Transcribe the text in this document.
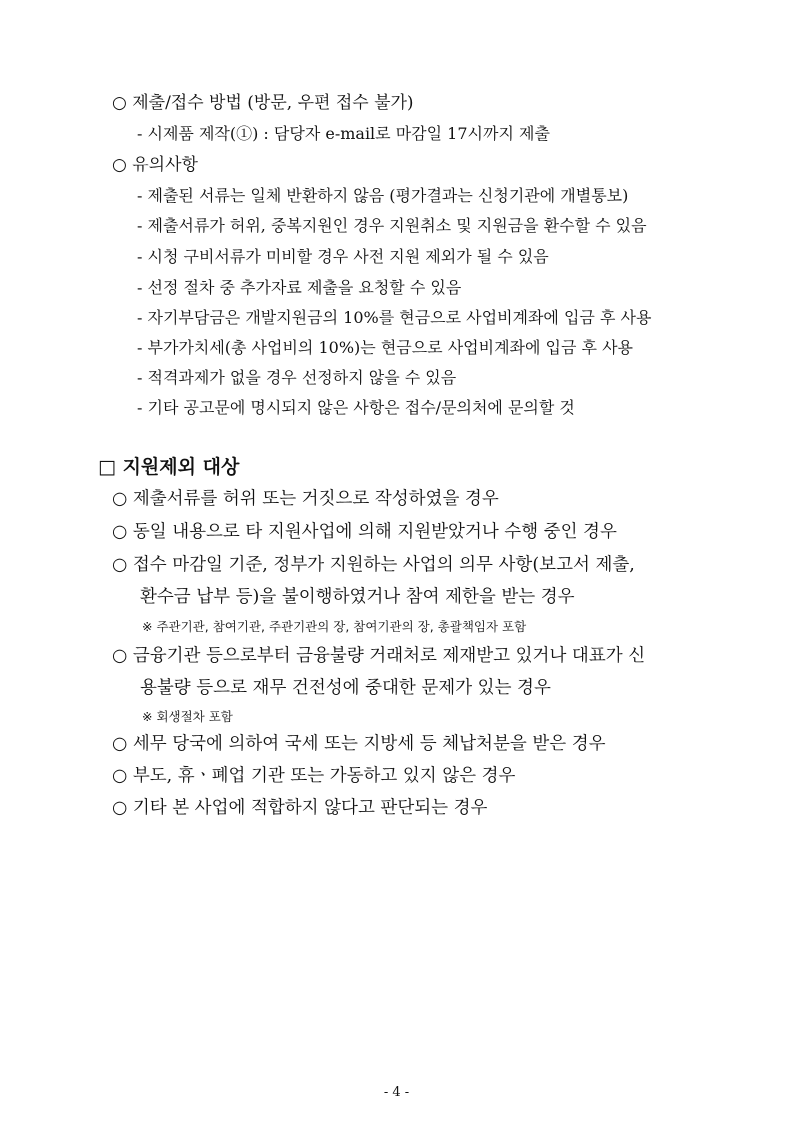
○ 제출/접수 방법 (방문, 우편 접수 불가)
- 시제품 제작(①) : 담당자 e-mail로 마감일 17시까지 제출
○ 유의사항
- 제출된 서류는 일체 반환하지 않음 (평가결과는 신청기관에 개별통보)
- 제출서류가 허위, 중복지원인 경우 지원취소 및 지원금을 환수할 수 있음
- 시청 구비서류가 미비할 경우 사전 지원 제외가 될 수 있음
- 선정 절차 중 추가자료 제출을 요청할 수 있음
- 자기부담금은 개발지원금의 10%를 현금으로 사업비계좌에 입금 후 사용
- 부가가치세(총 사업비의 10%)는 현금으로 사업비계좌에 입금 후 사용
- 적격과제가 없을 경우 선정하지 않을 수 있음
- 기타 공고문에 명시되지 않은 사항은 접수/문의처에 문의할 것
□ 지원제외 대상
○ 제출서류를 허위 또는 거짓으로 작성하였을 경우
○ 동일 내용으로 타 지원사업에 의해 지원받았거나 수행 중인 경우
○ 접수 마감일 기준, 정부가 지원하는 사업의 의무 사항(보고서 제출,
환수금 납부 등)을 불이행하였거나 참여 제한을 받는 경우
※ 주관기관, 참여기관, 주관기관의 장, 참여기관의 장, 총괄책임자 포함
○ 금융기관 등으로부터 금융불량 거래처로 제재받고 있거나 대표가 신
용불량 등으로 재무 건전성에 중대한 문제가 있는 경우
※ 회생절차 포함
○ 세무 당국에 의하여 국세 또는 지방세 등 체납처분을 받은 경우
○ 부도, 휴ㆍ폐업 기관 또는 가동하고 있지 않은 경우
○ 기타 본 사업에 적합하지 않다고 판단되는 경우
- 4 -
